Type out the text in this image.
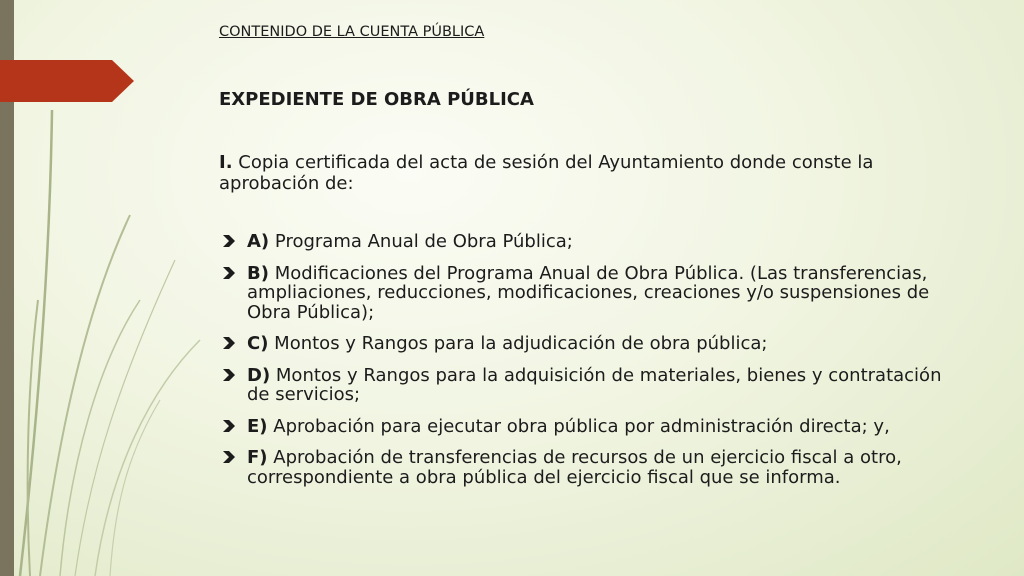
CONTENIDO DE LA CUENTA PÚBLICA
EXPEDIENTE DE OBRA PÚBLICA
I. Copia certificada del acta de sesión del Ayuntamiento donde conste la aprobación de:
A) Programa Anual de Obra Pública;
B) Modificaciones del Programa Anual de Obra Pública. (Las transferencias, ampliaciones, reducciones, modificaciones, creaciones y/o suspensiones de Obra Pública);
C) Montos y Rangos para la adjudicación de obra pública;
D) Montos y Rangos para la adquisición de materiales, bienes y contratación de servicios;
E) Aprobación para ejecutar obra pública por administración directa; y,
F) Aprobación de transferencias de recursos de un ejercicio fiscal a otro, correspondiente a obra pública del ejercicio fiscal que se informa.
